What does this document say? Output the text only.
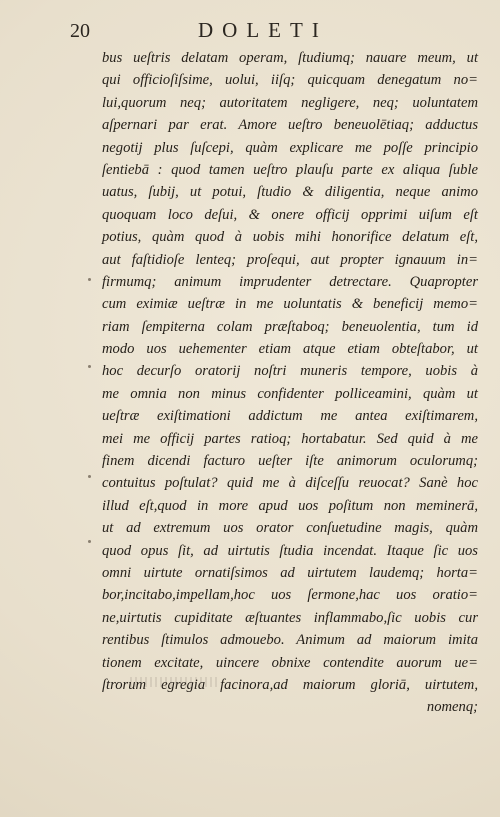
20	DOLETI
bus ueſtris delatam operam, ſtudiumq; nauare meum, ut
qui officioſiſsime, uolui, iiſq; quicquam denegatum no=
lui,quorum neq; autoritatem negligere, neq; uoluntatem
aſpernari par erat. Amore ueſtro beneuolētiaq; adductus
negotij plus ſuſcepi, quàm explicare me poſſe principio
ſentiebā : quod tamen ueſtro plauſu parte ex aliqua ſuble
uatus, ſubij, ut potui, ſtudio & diligentia, neque animo
quoquam loco deſui, & onere officij opprimi uiſum eſt
potius, quàm quod à uobis mihi honorifice delatum eſt,
aut faſtidioſe lenteq; proſequi, aut propter ignauum in=
firmumq; animum imprudenter detrectare. Quapropter
cum eximiæ ueſtræ in me uoluntatis & beneficij memo=
riam ſempiterna colam præſtaboq; beneuolentia, tum id
modo uos uehementer etiam atque etiam obteſtabor, ut
hoc decurſo oratorij noſtri muneris tempore, uobis à
me omnia non minus confidenter polliceamini, quàm ut
ueſtræ exiſtimationi addictum me antea exiſtimarem,
mei me officij partes ratioq; hortabatur. Sed quid à me
finem dicendi facturo ueſter iſte animorum oculorumq;
contuitus poſtulat? quid me à diſceſſu reuocat? Sanè hoc
illud eſt,quod in more apud uos poſitum non meminerā,
ut ad extremum uos orator conſuetudine magis, quàm
quod opus ſit, ad uirtutis ſtudia incendat. Itaque ſic uos
omni uirtute ornatiſsimos ad uirtutem laudemq; horta=
bor,incitabo,impellam,hoc uos ſermone,hac uos oratio=
ne,uirtutis cupiditate æſtuantes inflammabo,ſic uobis cur
rentibus ſtimulos admouebo. Animum ad maiorum imita
tionem excitate, uincere obnixe contendite auorum ue=
ſtrorum egregia facinora,ad maiorum gloriā, uirtutem,
nomenq;
